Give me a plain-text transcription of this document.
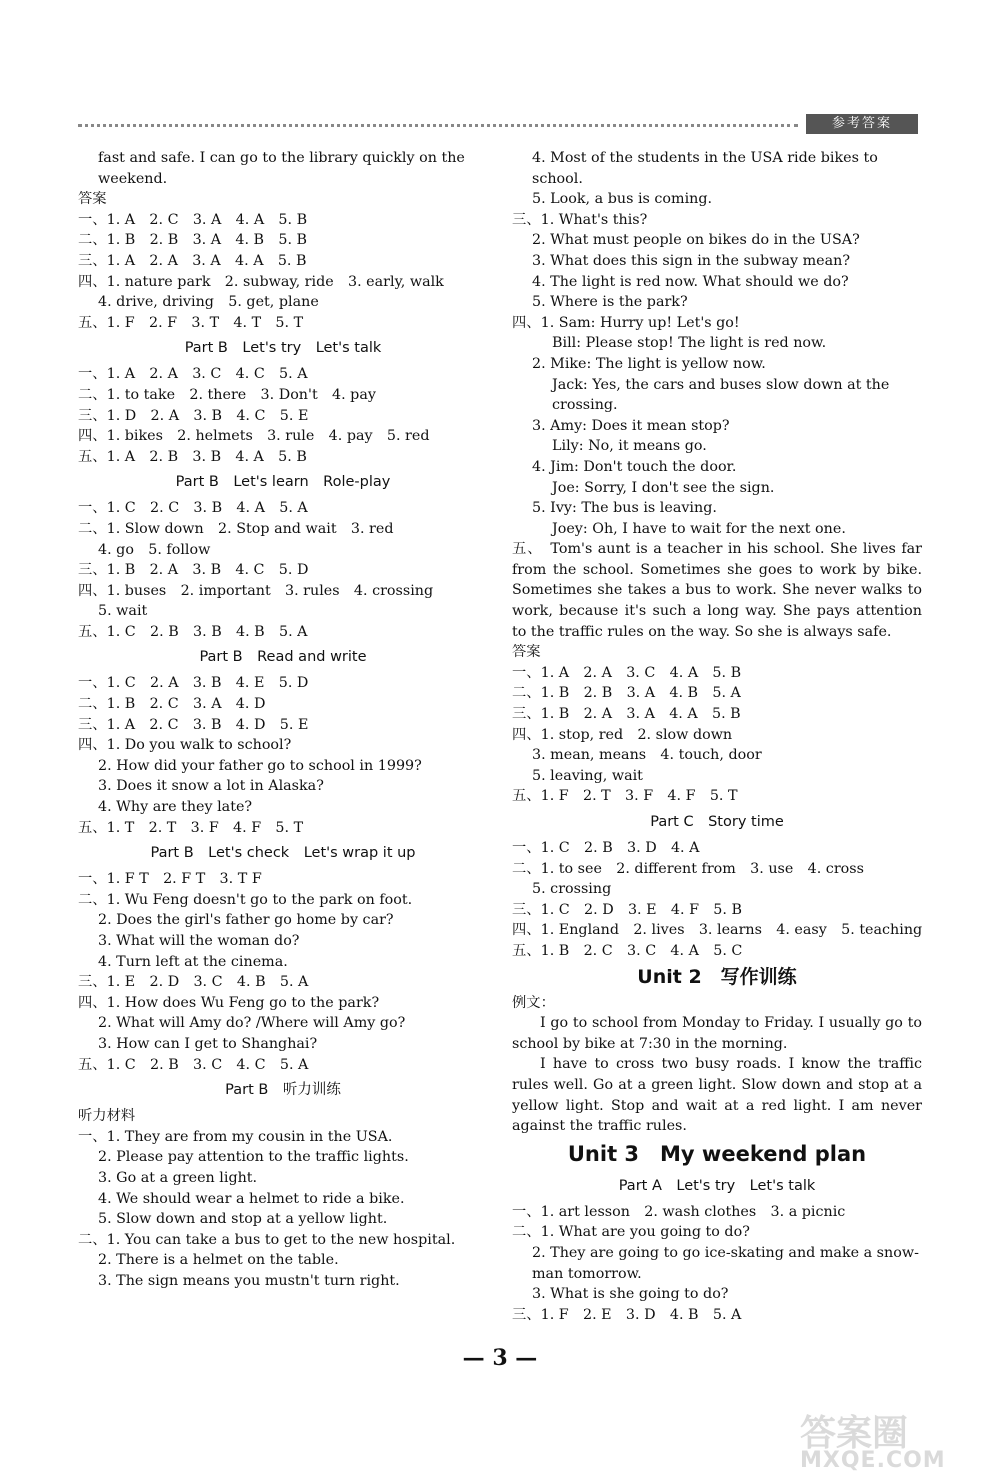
参考答案
fast and safe. I can go to the library quickly on the
weekend.
答案
一、1. A　2. C　3. A　4. A　5. B
二、1. B　2. B　3. A　4. B　5. B
三、1. A　2. A　3. A　4. A　5. B
四、1. nature park　2. subway, ride　3. early, walk
4. drive, driving　5. get, plane
五、1. F　2. F　3. T　4. T　5. T
Part B　Let's try　Let's talk
一、1. A　2. A　3. C　4. C　5. A
二、1. to take　2. there　3. Don't　4. pay
三、1. D　2. A　3. B　4. C　5. E
四、1. bikes　2. helmets　3. rule　4. pay　5. red
五、1. A　2. B　3. B　4. A　5. B
Part B　Let's learn　Role-play
一、1. C　2. C　3. B　4. A　5. A
二、1. Slow down　2. Stop and wait　3. red
4. go　5. follow
三、1. B　2. A　3. B　4. C　5. D
四、1. buses　2. important　3. rules　4. crossing
5. wait
五、1. C　2. B　3. B　4. B　5. A
Part B　Read and write
一、1. C　2. A　3. B　4. E　5. D
二、1. B　2. C　3. A　4. D
三、1. A　2. C　3. B　4. D　5. E
四、1. Do you walk to school?
2. How did your father go to school in 1999?
3. Does it snow a lot in Alaska?
4. Why are they late?
五、1. T　2. T　3. F　4. F　5. T
Part B　Let's check　Let's wrap it up
一、1. F T　2. F T　3. T F
二、1. Wu Feng doesn't go to the park on foot.
2. Does the girl's father go home by car?
3. What will the woman do?
4. Turn left at the cinema.
三、1. E　2. D　3. C　4. B　5. A
四、1. How does Wu Feng go to the park?
2. What will Amy do? /Where will Amy go?
3. How can I get to Shanghai?
五、1. C　2. B　3. C　4. C　5. A
Part B　听力训练
听力材料
一、1. They are from my cousin in the USA.
2. Please pay attention to the traffic lights.
3. Go at a green light.
4. We should wear a helmet to ride a bike.
5. Slow down and stop at a yellow light.
二、1. You can take a bus to get to the new hospital.
2. There is a helmet on the table.
3. The sign means you mustn't turn right.
4. Most of the students in the USA ride bikes to
school.
5. Look, a bus is coming.
三、1. What's this?
2. What must people on bikes do in the USA?
3. What does this sign in the subway mean?
4. The light is red now. What should we do?
5. Where is the park?
四、1. Sam: Hurry up! Let's go!
Bill: Please stop! The light is red now.
2. Mike: The light is yellow now.
Jack: Yes, the cars and buses slow down at the
crossing.
3. Amy: Does it mean stop?
Lily: No, it means go.
4. Jim: Don't touch the door.
Joe: Sorry, I don't see the sign.
5. Ivy: The bus is leaving.
Joey: Oh, I have to wait for the next one.
五、　Tom's aunt is a teacher in his school. She lives far from the school. Sometimes she goes to work by bike. Sometimes she takes a bus to work. She never walks to work, because it's such a long way. She pays attention to the traffic rules on the way. So she is always safe.
答案
一、1. A　2. A　3. C　4. A　5. B
二、1. B　2. B　3. A　4. B　5. A
三、1. B　2. A　3. A　4. A　5. B
四、1. stop, red　2. slow down
3. mean, means　4. touch, door
5. leaving, wait
五、1. F　2. T　3. F　4. F　5. T
Part C　Story time
一、1. C　2. B　3. D　4. A
二、1. to see　2. different from　3. use　4. cross
5. crossing
三、1. C　2. D　3. E　4. F　5. B
四、1. England　2. lives　3. learns　4. easy　5. teaching
五、1. B　2. C　3. C　4. A　5. C
Unit 2　写作训练
例文：
I go to school from Monday to Friday. I usually go to school by bike at 7:30 in the morning.
I have to cross two busy roads. I know the traffic rules well. Go at a green light. Slow down and stop at a yellow light. Stop and wait at a red light. I am never against the traffic rules.
Unit 3　My weekend plan
Part A　Let's try　Let's talk
一、1. art lesson　2. wash clothes　3. a picnic
二、1. What are you going to do?
2. They are going to go ice-skating and make a snow-
man tomorrow.
3. What is she going to do?
三、1. F　2. E　3. D　4. B　5. A
— 3 —
答案圈
MXQE.COM
